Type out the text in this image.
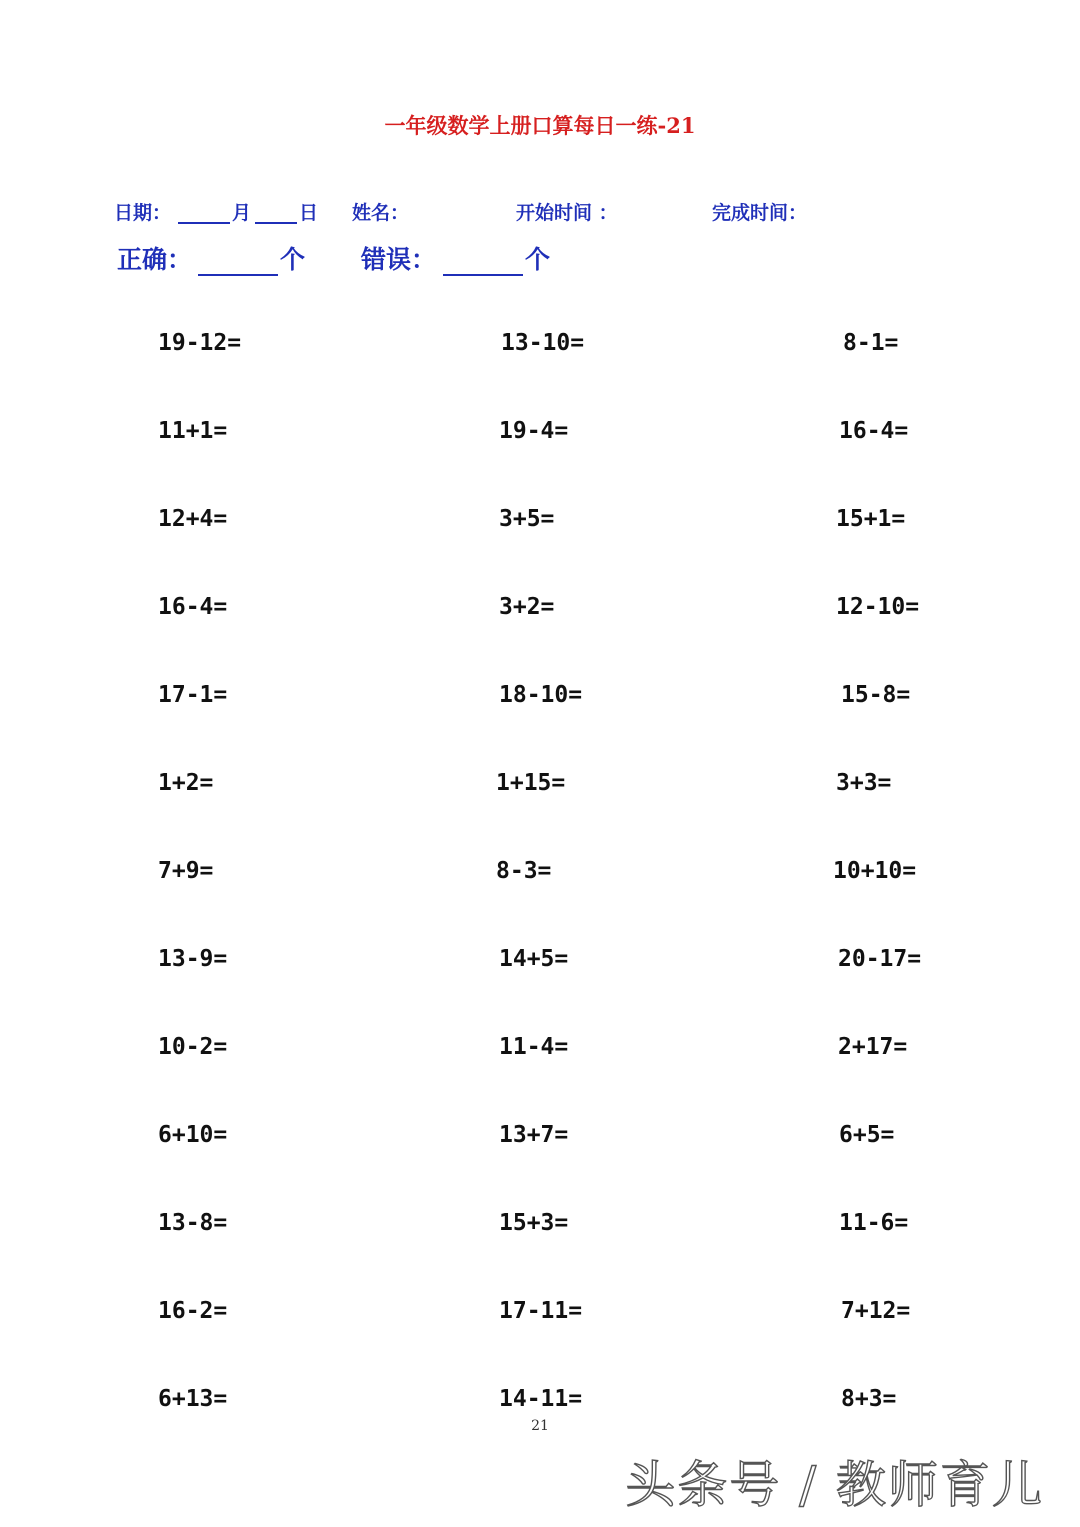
一年级数学上册口算每日一练-21
日期：	月	日 姓名：	开始时间 ：	完成时间：
正确：	个 错误：	个
19-12=	13-10=	8-1=
11+1=	19-4=	16-4=
12+4=	3+5=	15+1=
16-4=	3+2=	12-10=
17-1=	18-10=	15-8=
1+2=	1+15=	3+3=
7+9=	8-3=	10+10=
13-9=	14+5=	20-17=
10-2=	11-4=	2+17=
6+10=	13+7=	6+5=
13-8=	15+3=	11-6=
16-2=	17-11=	7+12=
6+13=	14-11=	8+3=
21
头条号 / 教师育儿
